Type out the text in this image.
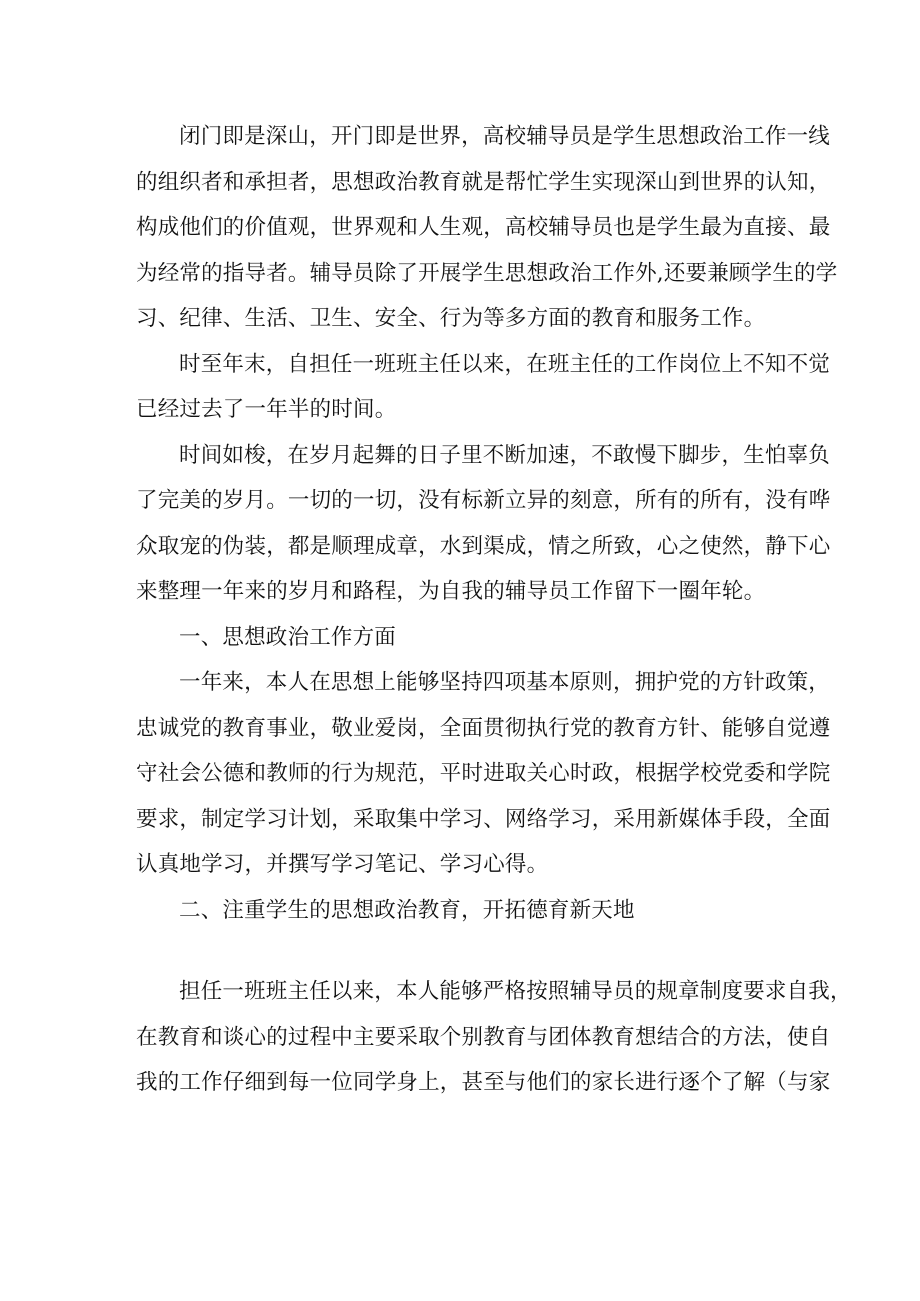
闭门即是深山，开门即是世界，高校辅导员是学生思想政治工作一线
的组织者和承担者，思想政治教育就是帮忙学生实现深山到世界的认知，
构成他们的价值观，世界观和人生观，高校辅导员也是学生最为直接、最
为经常的指导者。辅导员除了开展学生思想政治工作外,还要兼顾学生的学
习、纪律、生活、卫生、安全、行为等多方面的教育和服务工作。
时至年末，自担任一班班主任以来，在班主任的工作岗位上不知不觉
已经过去了一年半的时间。
时间如梭，在岁月起舞的日子里不断加速，不敢慢下脚步，生怕辜负
了完美的岁月。一切的一切，没有标新立异的刻意，所有的所有，没有哗
众取宠的伪装，都是顺理成章，水到渠成，情之所致，心之使然，静下心
来整理一年来的岁月和路程，为自我的辅导员工作留下一圈年轮。
一、思想政治工作方面
一年来，本人在思想上能够坚持四项基本原则，拥护党的方针政策，
忠诚党的教育事业，敬业爱岗，全面贯彻执行党的教育方针、能够自觉遵
守社会公德和教师的行为规范，平时进取关心时政，根据学校党委和学院
要求，制定学习计划，采取集中学习、网络学习，采用新媒体手段，全面
认真地学习，并撰写学习笔记、学习心得。
二、注重学生的思想政治教育，开拓德育新天地
担任一班班主任以来，本人能够严格按照辅导员的规章制度要求自我，
在教育和谈心的过程中主要采取个别教育与团体教育想结合的方法，使自
我的工作仔细到每一位同学身上，甚至与他们的家长进行逐个了解（与家
